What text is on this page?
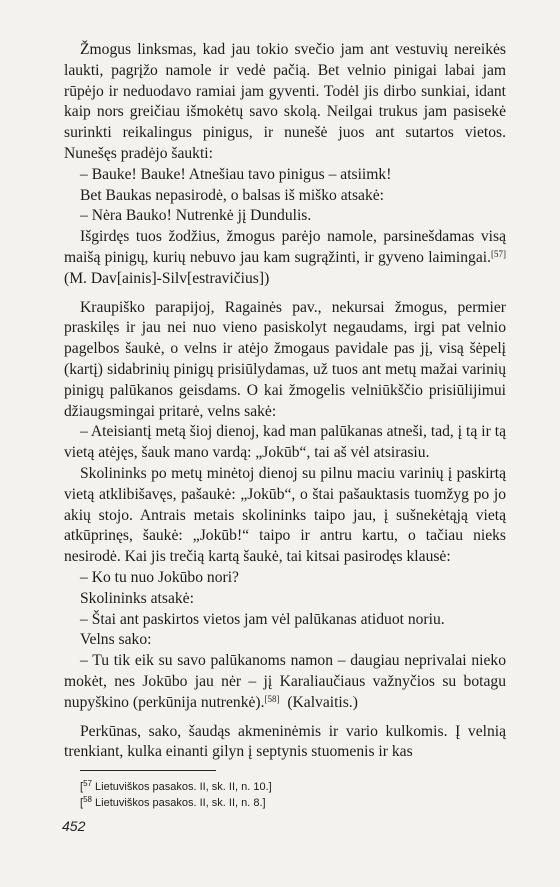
Žmogus linksmas, kad jau tokio svečio jam ant vestuvių nereikės laukti, pagrįžo namole ir vedė pačią. Bet velnio pinigai labai jam rūpėjo ir neduodavo ramiai jam gyventi. Todėl jis dirbo sunkiai, idant kaip nors greičiau išmokėtų savo skolą. Neilgai trukus jam pasisekė surinkti reikalingus pinigus, ir nunešė juos ant sutartos vietos. Nunešęs pradėjo šaukti:

– Bauke! Bauke! Atnešiau tavo pinigus – atsiimk!

Bet Baukas nepasirodė, o balsas iš miško atsakė:

– Nėra Bauko! Nutrenkė jį Dundulis.

Išgirdęs tuos žodžius, žmogus parėjo namole, parsinešdamas visą maišą pinigų, kurių nebuvo jau kam sugrąžinti, ir gyveno laimingai.[57]  (M. Dav[ainis]-Silv[estravičius])

Kraupiško parapijoj, Ragainės pav., nekursai žmogus, permier praskilęs ir jau nei nuo vieno pasiskolyt negaudams, irgi pat velnio pagelbos šaukė, o velns ir atėjo žmogaus pavidale pas jį, visą šėpelį (kartį) sidabrinių pinigų prisiūlydamas, už tuos ant metų mažai varinių pinigų palūkanos geisdams. O kai žmogelis velniūkščio prisiūlijimui džiaugsmingai pritarė, velns sakė:

– Ateisiantį metą šioj dienoj, kad man palūkanas atneši, tad, į tą ir tą vietą atėjęs, šauk mano vardą: „Jokūb“, tai aš vėl atsirasiu.

Skolininks po metų minėtoj dienoj su pilnu maciu varinių į paskirtą vietą atklibišavęs, pašaukė: „Jokūb“, o štai pašauktasis tuomžyg po jo akių stojo. Antrais metais skolininks taipo jau, į sušnekėtąją vietą atkūprinęs, šaukė: „Jokūb!“ taipo ir antru kartu, o tačiau nieks nesirodė. Kai jis trečią kartą šaukė, tai kitsai pasirodęs klausė:

– Ko tu nuo Jokūbo nori?

Skolininks atsakė:

– Štai ant paskirtos vietos jam vėl palūkanas atiduot noriu.

Velns sako:

– Tu tik eik su savo palūkanoms namon – daugiau neprivalai nieko mokėt, nes Jokūbo jau nėr – jį Karaliaučiaus važnyčios su botagu nupyškino (perkūnija nutrenkė).[58]  (Kalvaitis.)

Perkūnas, sako, šaudąs akmeninėmis ir vario kulkomis. Į velnią trenkiant, kulka einanti gilyn į septynis stuomenis ir kas

[$^{57}$ Lietuviškos pasakos. II, sk. II, n. 10.]
[$^{58}$ Lietuviškos pasakos. II, sk. II, n. 8.]
452
